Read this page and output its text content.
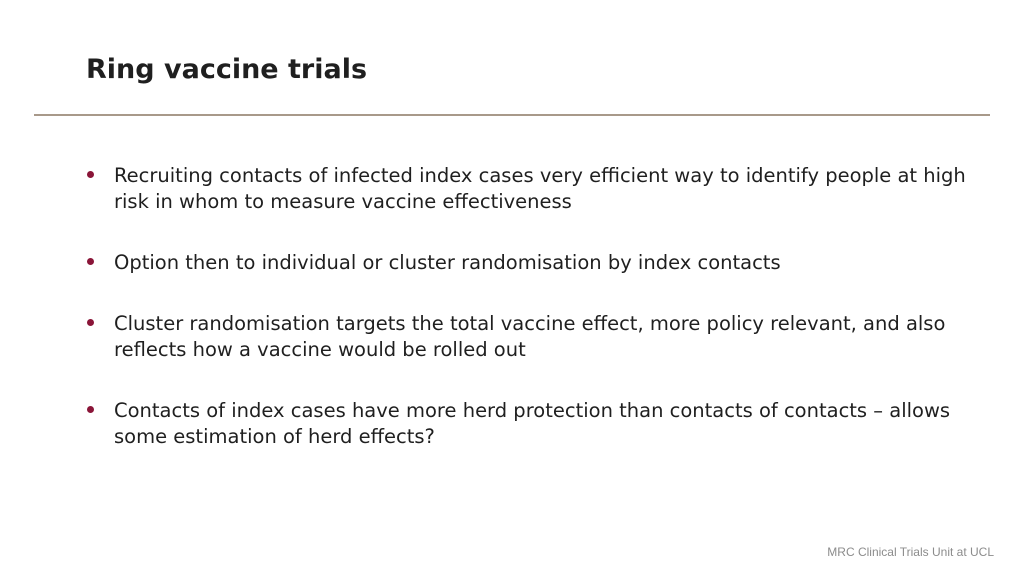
Ring vaccine trials
Recruiting contacts of infected index cases very efficient way to identify people at high risk in whom to measure vaccine effectiveness
Option then to individual or cluster randomisation by index contacts
Cluster randomisation targets the total vaccine effect, more policy relevant, and also reflects how a vaccine would be rolled out
Contacts of index cases have more herd protection than contacts of contacts – allows some estimation of herd effects?
MRC Clinical Trials Unit at UCL
